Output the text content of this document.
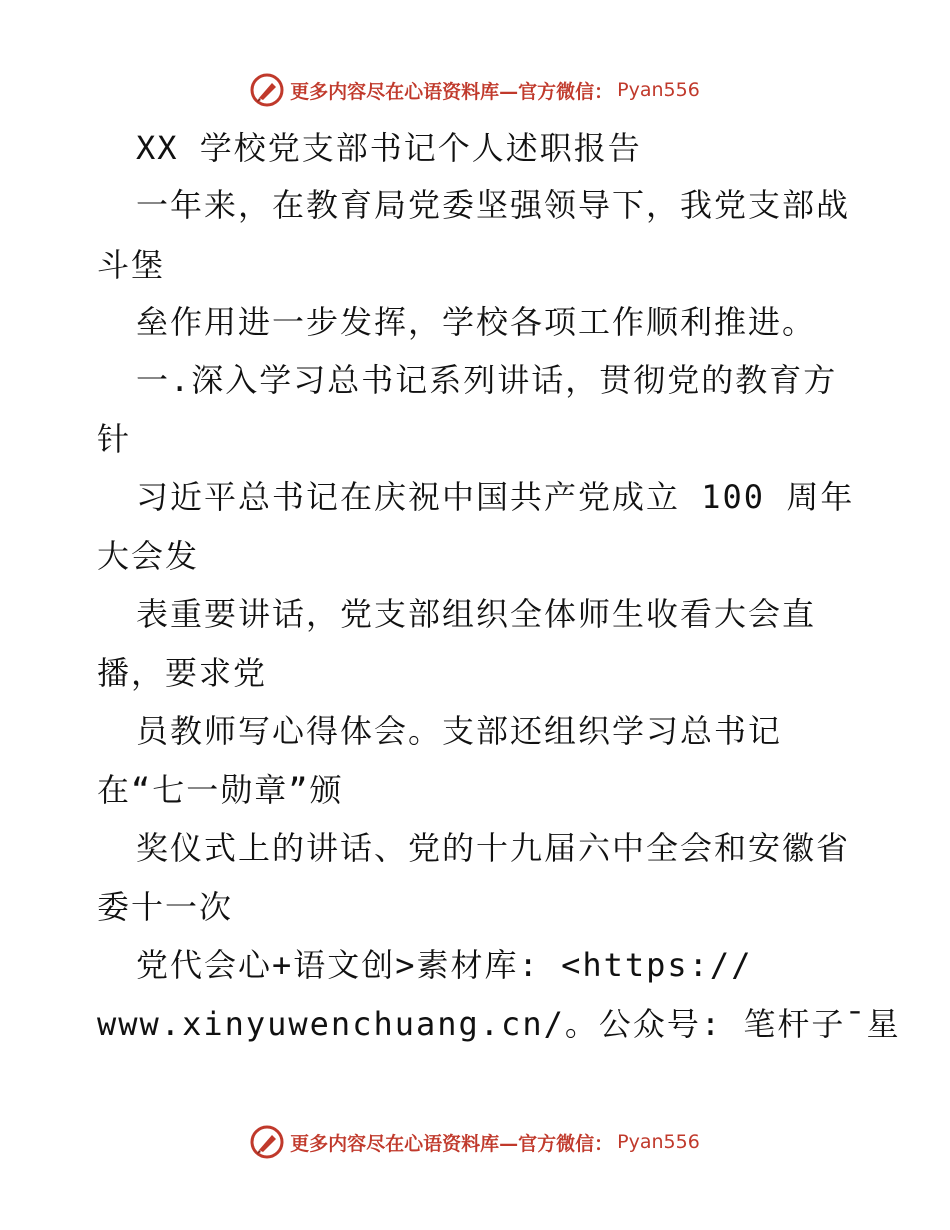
更多内容尽在心语资料库—官方微信： Pyan556
XX 学校党支部书记个人述职报告
一年来，在教育局党委坚强领导下，我党支部战
斗堡
垒作用进一步发挥，学校各项工作顺利推进。
一.深入学习总书记系列讲话，贯彻党的教育方
针
习近平总书记在庆祝中国共产党成立 100 周年
大会发
表重要讲话，党支部组织全体师生收看大会直
播，要求党
员教师写心得体会。支部还组织学习总书记
在“七一勋章”颁
奖仪式上的讲话、党的十九届六中全会和安徽省
委十一次
党代会心+语文创>素材库: <https://
www.xinyuwenchuang.cn/。公众号: 笔杆子¯星
更多内容尽在心语资料库—官方微信： Pyan556
